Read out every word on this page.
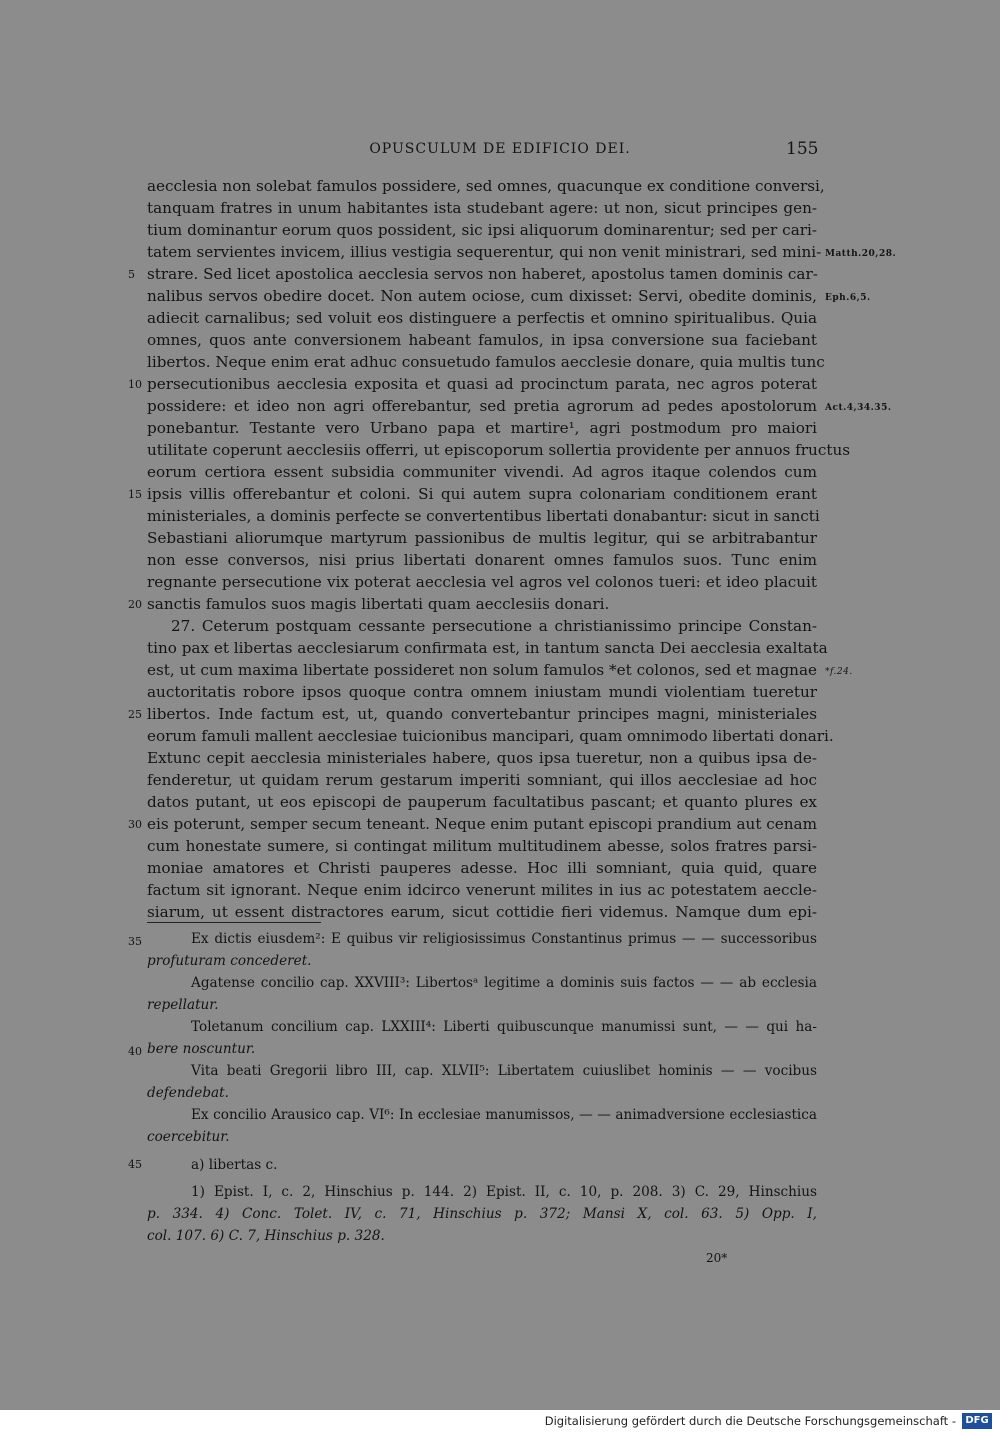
OPUSCULUM DE EDIFICIO DEI.	155
aecclesia non solebat famulos possidere, sed omnes, quacunque ex conditione conversi,
tanquam fratres in unum habitantes ista studebant agere: ut non, sicut principes gen-
tium dominantur eorum quos possident, sic ipsi aliquorum dominarentur; sed per cari-
tatem servientes invicem, illius vestigia sequerentur, qui non venit ministrari, sed mini-
strare. Sed licet apostolica aecclesia servos non haberet, apostolus tamen dominis car-
nalibus servos obedire docet. Non autem ociose, cum dixisset: Servi, obedite dominis,
adiecit carnalibus; sed voluit eos distinguere a perfectis et omnino spiritualibus. Quia
omnes, quos ante conversionem habeant famulos, in ipsa conversione sua faciebant
libertos. Neque enim erat adhuc consuetudo famulos aecclesie donare, quia multis tunc
persecutionibus aecclesia exposita et quasi ad procinctum parata, nec agros poterat
possidere: et ideo non agri offerebantur, sed pretia agrorum ad pedes apostolorum
ponebantur. Testante vero Urbano papa et martire¹, agri postmodum pro maiori
utilitate coperunt aecclesiis offerri, ut episcoporum sollertia providente per annuos fructus
eorum certiora essent subsidia communiter vivendi. Ad agros itaque colendos cum
ipsis villis offerebantur et coloni. Si qui autem supra colonariam conditionem erant
ministeriales, a dominis perfecte se convertentibus libertati donabantur: sicut in sancti
Sebastiani aliorumque martyrum passionibus de multis legitur, qui se arbitrabantur
non esse conversos, nisi prius libertati donarent omnes famulos suos. Tunc enim
regnante persecutione vix poterat aecclesia vel agros vel colonos tueri: et ideo placuit
sanctis famulos suos magis libertati quam aecclesiis donari.
27. Ceterum postquam cessante persecutione a christianissimo principe Constan-
tino pax et libertas aecclesiarum confirmata est, in tantum sancta Dei aecclesia exaltata
est, ut cum maxima libertate possideret non solum famulos *et colonos, sed et magnae
auctoritatis robore ipsos quoque contra omnem iniustam mundi violentiam tueretur
libertos. Inde factum est, ut, quando convertebantur principes magni, ministeriales
eorum famuli mallent aecclesiae tuicionibus mancipari, quam omnimodo libertati donari.
Extunc cepit aecclesia ministeriales habere, quos ipsa tueretur, non a quibus ipsa de-
fenderetur, ut quidam rerum gestarum imperiti somniant, qui illos aecclesiae ad hoc
datos putant, ut eos episcopi de pauperum facultatibus pascant; et quanto plures ex
eis poterunt, semper secum teneant. Neque enim putant episcopi prandium aut cenam
cum honestate sumere, si contingat militum multitudinem abesse, solos fratres parsi-
moniae amatores et Christi pauperes adesse. Hoc illi somniant, quia quid, quare
factum sit ignorant. Neque enim idcirco venerunt milites in ius ac potestatem aeccle-
siarum, ut essent distractores earum, sicut cottidie fieri videmus. Namque dum epi-
5
10
15
20
25
30
35
40
45
Matth.20,28.
Eph.6,5.
Act.4,34.35.
*f.24.
Ex dictis eiusdem²: E quibus vir religiosissimus Constantinus primus — — successoribus
profuturam concederet.
Agatense concilio cap. XXVIII³: Libertosᵃ legitime a dominis suis factos — — ab ecclesia
repellatur.
Toletanum concilium cap. LXXIII⁴: Liberti quibuscunque manumissi sunt, — — qui ha-
bere noscuntur.
Vita beati Gregorii libro III, cap. XLVII⁵: Libertatem cuiuslibet hominis — — vocibus
defendebat.
Ex concilio Arausico cap. VI⁶: In ecclesiae manumissos, — — animadversione ecclesiastica
coercebitur.
a) libertas c.
1) Epist. I, c. 2, Hinschius p. 144. 2) Epist. II, c. 10, p. 208. 3) C. 29, Hinschius
p. 334. 4) Conc. Tolet. IV, c. 71, Hinschius p. 372; Mansi X, col. 63. 5) Opp. I,
col. 107. 6) C. 7, Hinschius p. 328.
20*
Digitalisierung gefördert durch die Deutsche Forschungsgemeinschaft - DFG
